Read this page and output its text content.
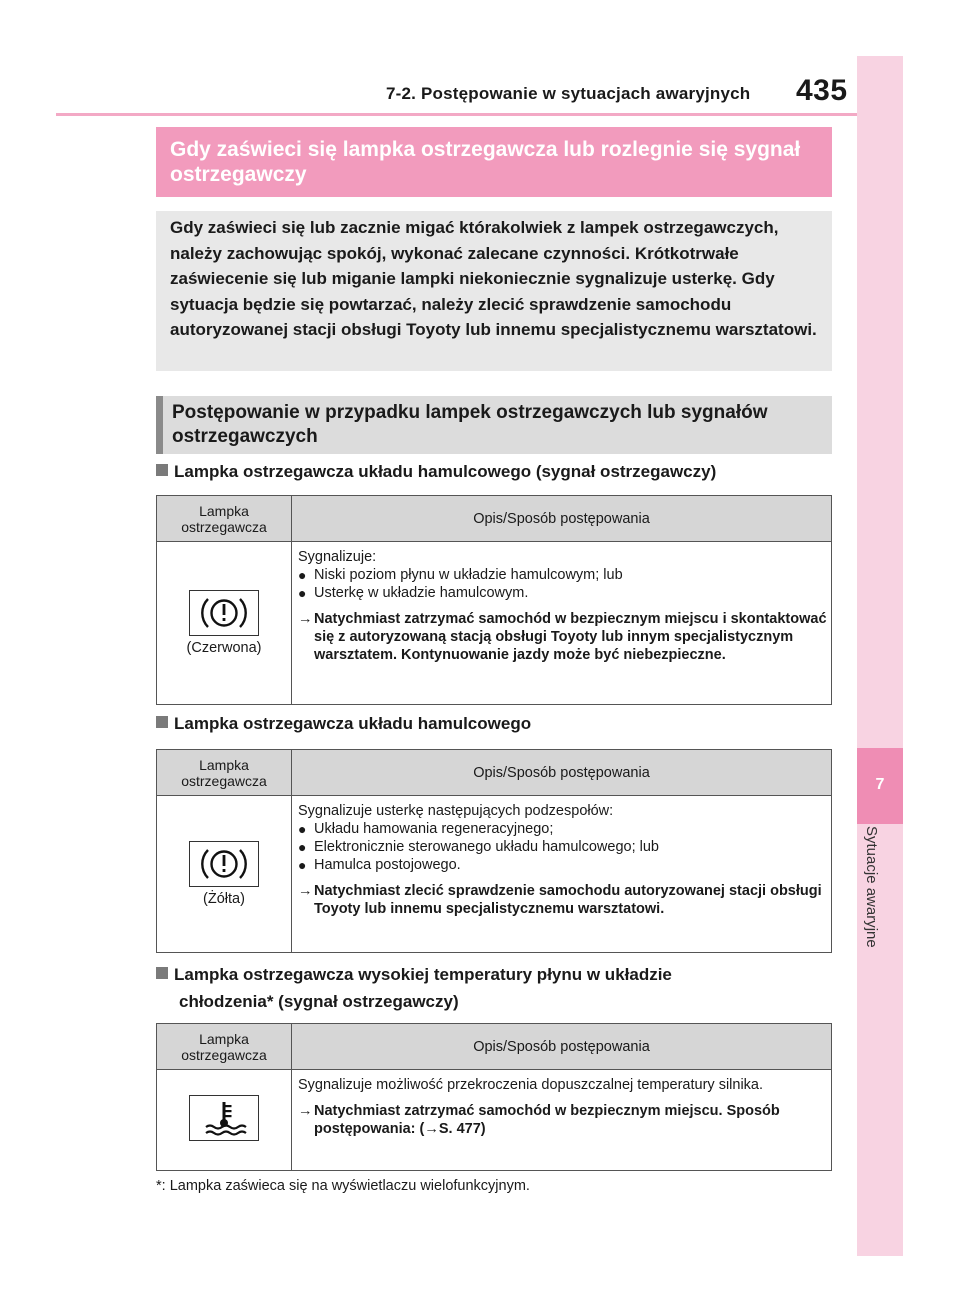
7-2. Postępowanie w sytuacjach awaryjnych 435
7
Sytuacje awaryjne
Gdy zaświeci się lampka ostrzegawcza lub rozlegnie się sygnał ostrzegawczy
Gdy zaświeci się lub zacznie migać którakolwiek z lampek ostrzegawczych, należy zachowując spokój, wykonać zalecane czynności. Krótkotrwałe zaświecenie się lub miganie lampki niekoniecznie sygnalizuje usterkę. Gdy sytuacja będzie się powtarzać, należy zlecić sprawdzenie samochodu autoryzowanej stacji obsługi Toyoty lub innemu specjalistycznemu warsztatowi.
Postępowanie w przypadku lampek ostrzegawczych lub sygnałów ostrzegawczych
Lampka ostrzegawcza układu hamulcowego (sygnał ostrzegawczy)
Lampka
ostrzegawcza	Opis/Sposób postępowania
(Czerwona)
Sygnalizuje:
● Niski poziom płynu w układzie hamulcowym; lub
● Usterkę w układzie hamulcowym.
→ Natychmiast zatrzymać samochód w bezpiecznym miejscu i skontaktować się z autoryzowaną stacją obsługi Toyoty lub innym specjalistycznym warsztatem. Kontynuowanie jazdy może być niebezpieczne.
Lampka ostrzegawcza układu hamulcowego
Lampka
ostrzegawcza	Opis/Sposób postępowania
(Żółta)
Sygnalizuje usterkę następujących podzespołów:
● Układu hamowania regeneracyjnego;
● Elektronicznie sterowanego układu hamulcowego; lub
● Hamulca postojowego.
→ Natychmiast zlecić sprawdzenie samochodu autoryzowanej stacji obsługi Toyoty lub innemu specjalistycznemu warsztatowi.
Lampka ostrzegawcza wysokiej temperatury płynu w układzie
chłodzenia* (sygnał ostrzegawczy)
Lampka
ostrzegawcza	Opis/Sposób postępowania
Sygnalizuje możliwość przekroczenia dopuszczalnej temperatury silnika.
→ Natychmiast zatrzymać samochód w bezpiecznym miejscu. Sposób postępowania: (→S. 477)
*: Lampka zaświeca się na wyświetlaczu wielofunkcyjnym.
